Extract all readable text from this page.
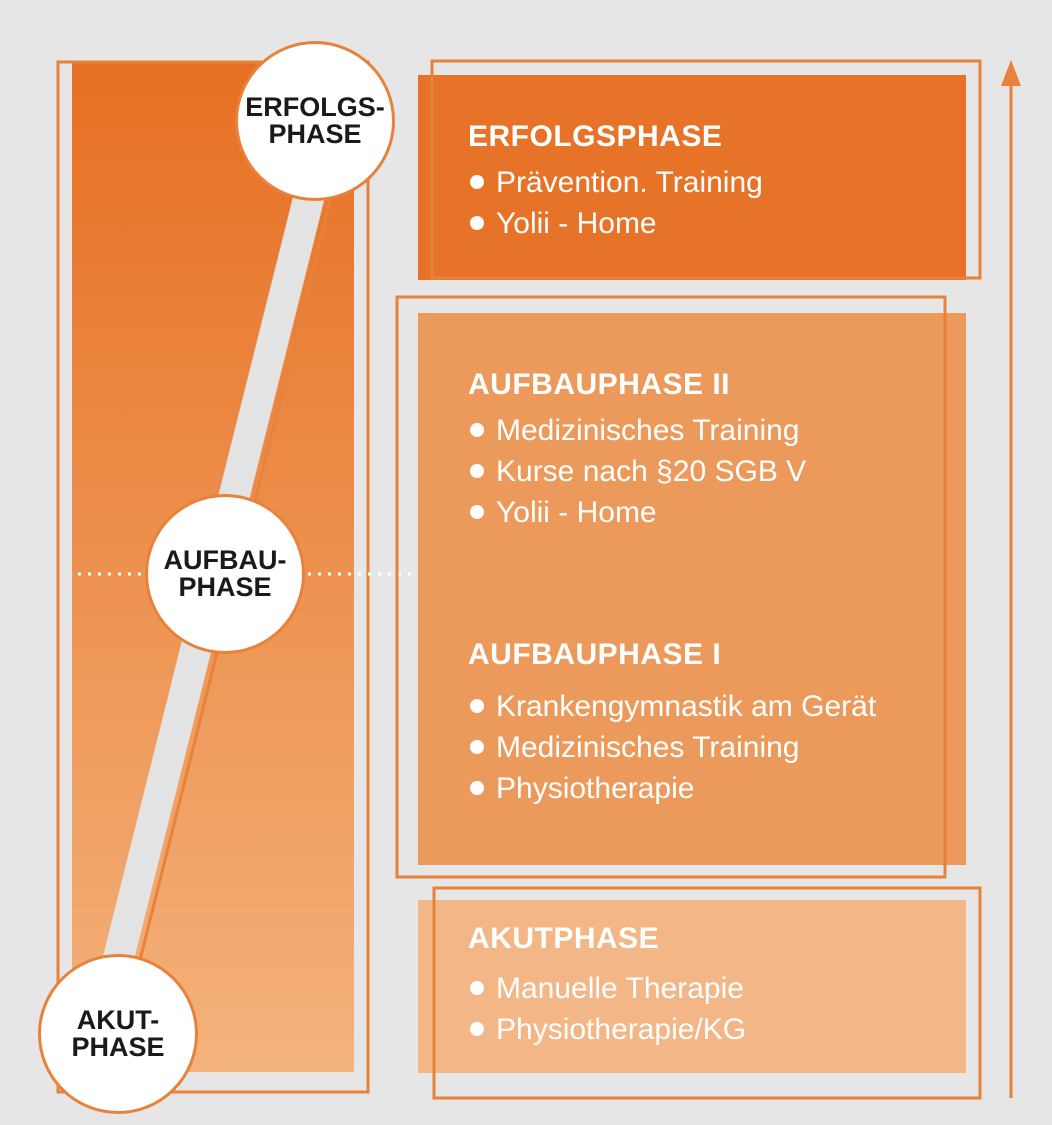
ERFOLGS-
PHASE
AUFBAU-
PHASE
AKUT-
PHASE
ERFOLGSPHASE
Prävention. Training
Yolii - Home
AUFBAUPHASE II
Medizinisches Training
Kurse nach §20 SGB V
Yolii - Home
AUFBAUPHASE I
Krankengymnastik am Gerät
Medizinisches Training
Physiotherapie
AKUTPHASE
Manuelle Therapie
Physiotherapie/KG
